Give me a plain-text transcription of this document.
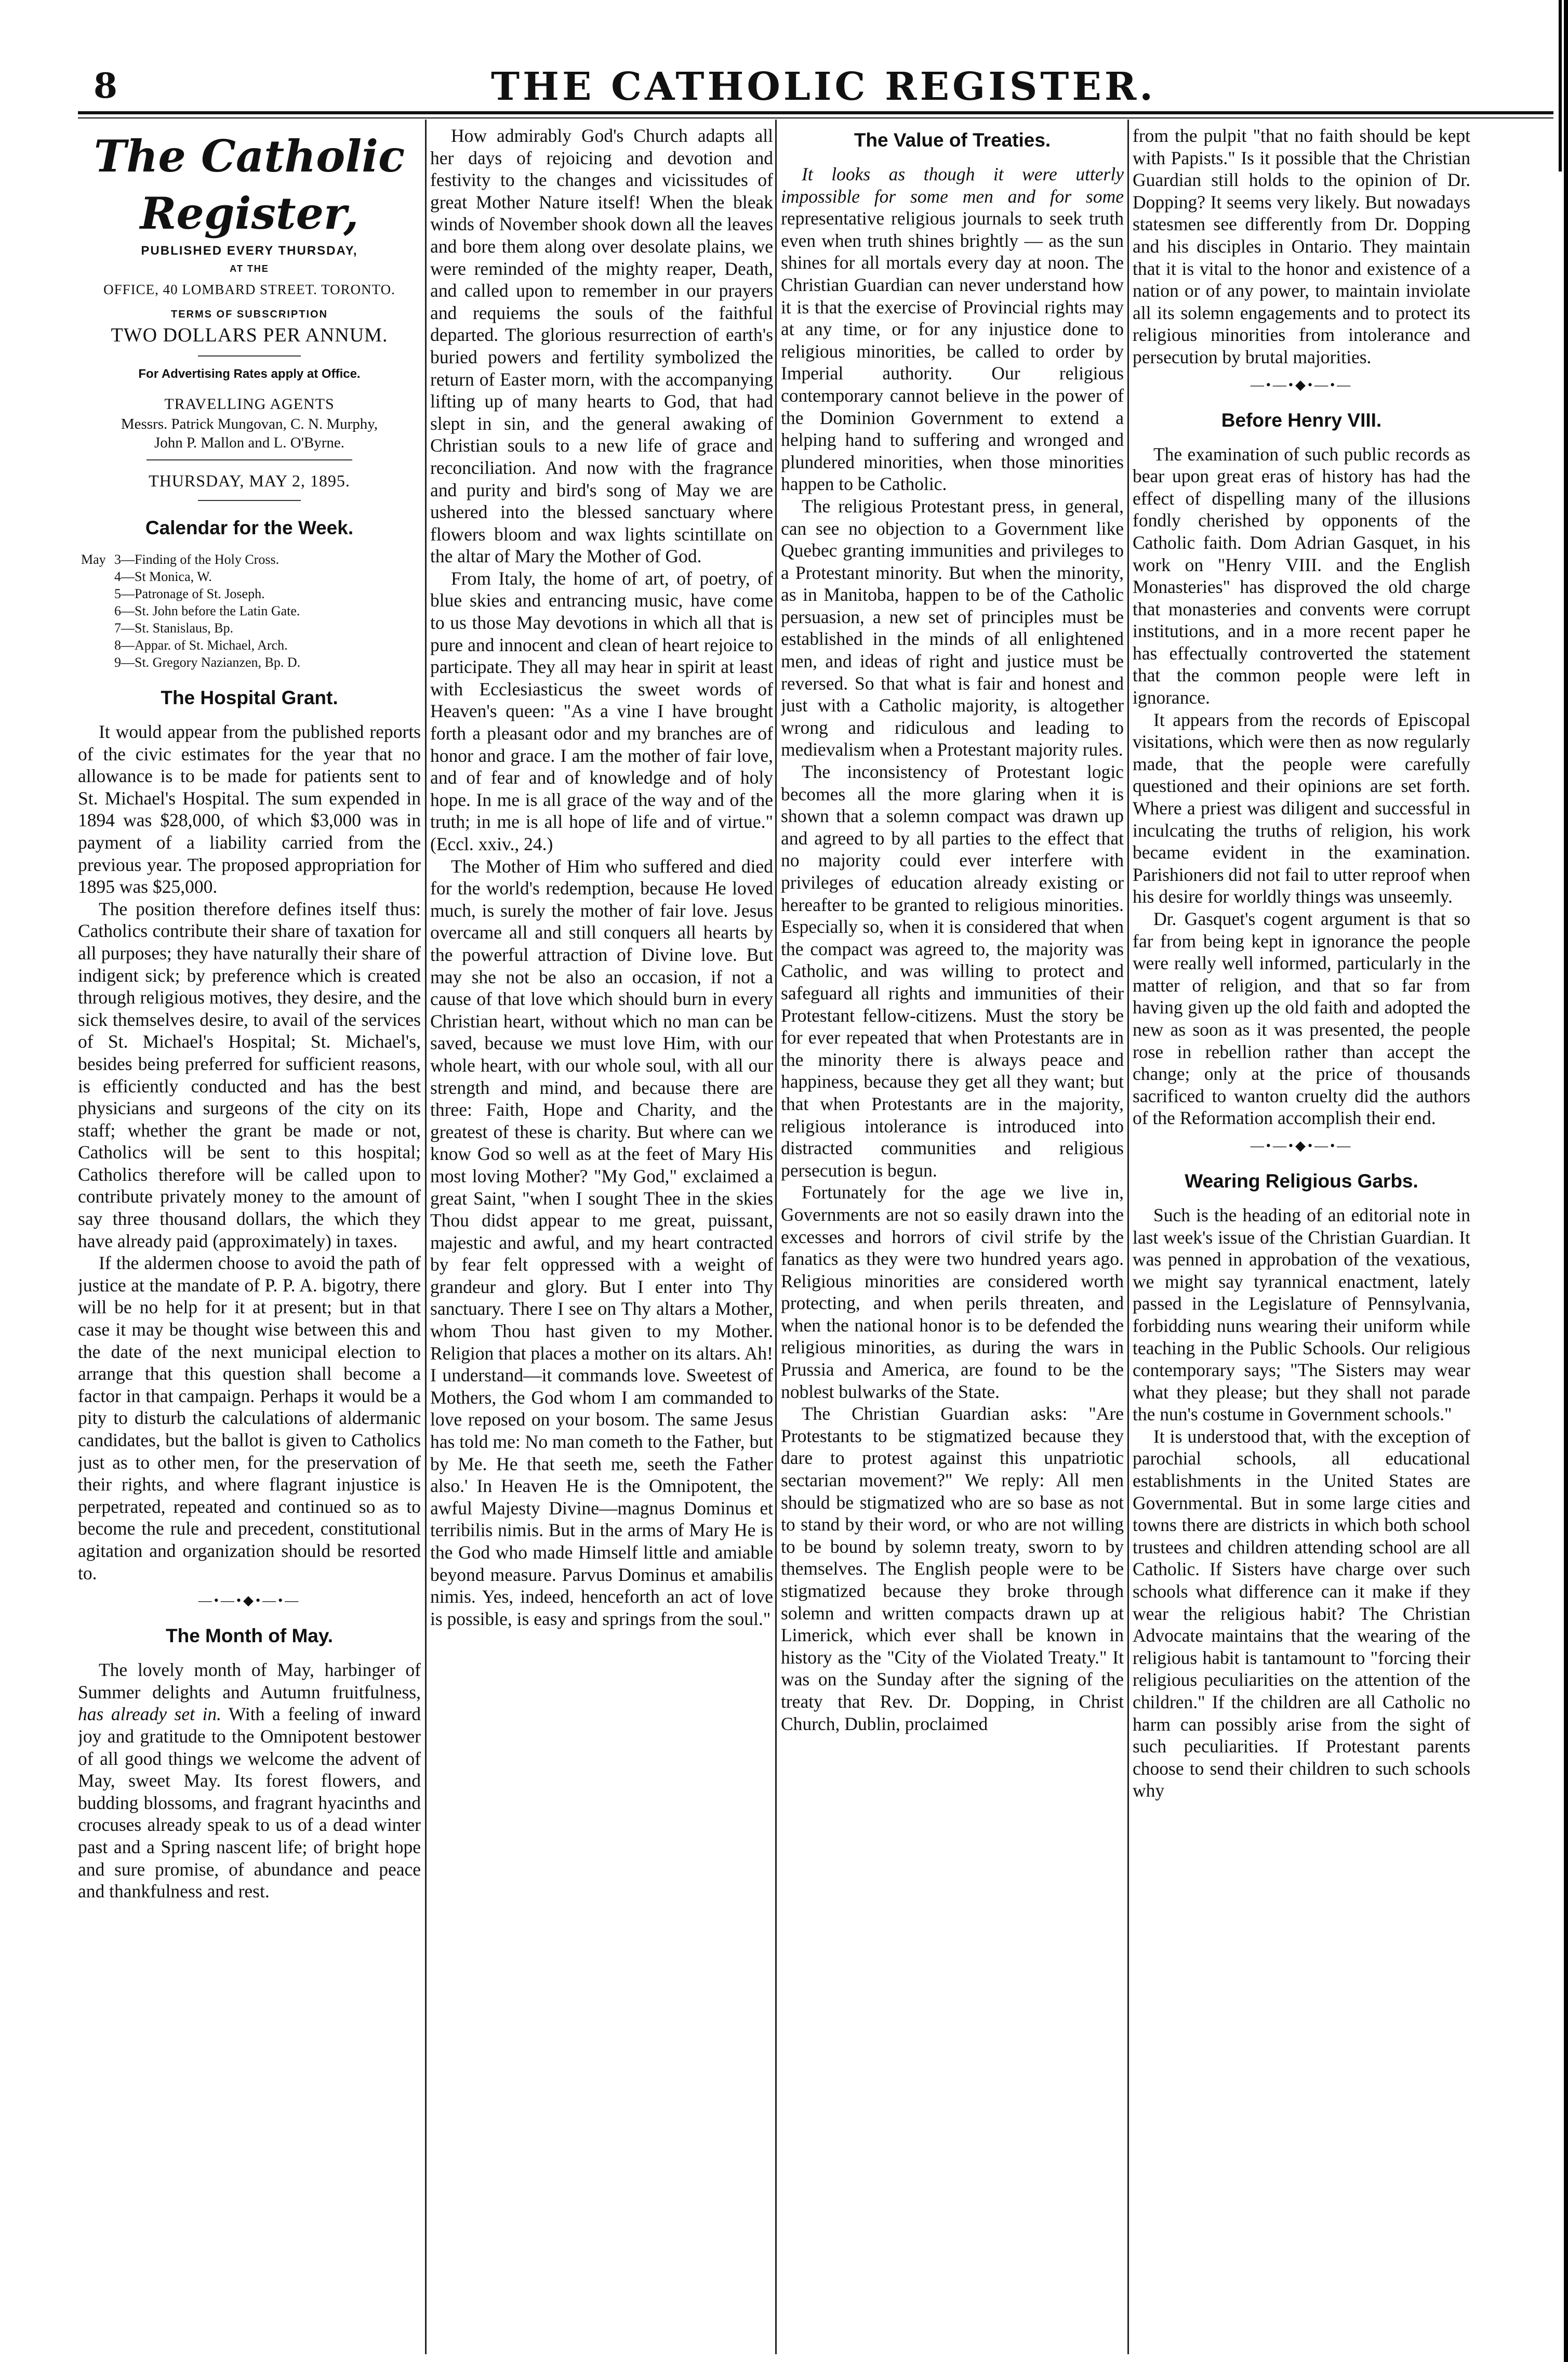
8	THE CATHOLIC REGISTER.
The Catholic Register,
PUBLISHED EVERY THURSDAY,
AT THE
OFFICE, 40 LOMBARD STREET. TORONTO.
TERMS OF SUBSCRIPTION
TWO DOLLARS PER ANNUM.
For Advertising Rates apply at Office.
TRAVELLING AGENTS
Messrs. Patrick Mungovan, C. N. Murphy,
John P. Mallon and L. O'Byrne.
THURSDAY, MAY 2, 1895.
Calendar for the Week.
May 3—Finding of the Holy Cross.
4—St Monica, W.
5—Patronage of St. Joseph.
6—St. John before the Latin Gate.
7—St. Stanislaus, Bp.
8—Appar. of St. Michael, Arch.
9—St. Gregory Nazianzen, Bp. D.
The Hospital Grant.

It would appear from the published reports of the civic estimates for the year that no allowance is to be made for patients sent to St. Michael's Hospital. The sum expended in 1894 was $28,000, of which $3,000 was in payment of a liability carried from the previous year. The proposed appropriation for 1895 was $25,000.

The position therefore defines itself thus: Catholics contribute their share of taxation for all purposes; they have naturally their share of indigent sick; by preference which is created through religious motives, they desire, and the sick themselves desire, to avail of the services of St. Michael's Hospital; St. Michael's, besides being preferred for sufficient reasons, is efficiently conducted and has the best physicians and surgeons of the city on its staff; whether the grant be made or not, Catholics will be sent to this hospital; Catholics therefore will be called upon to contribute privately money to the amount of say three thousand dollars, the which they have already paid (approximately) in taxes.

If the aldermen choose to avoid the path of justice at the mandate of P. P. A. bigotry, there will be no help for it at present; but in that case it may be thought wise between this and the date of the next municipal election to arrange that this question shall become a factor in that campaign. Perhaps it would be a pity to disturb the calculations of aldermanic candidates, but the ballot is given to Catholics just as to other men, for the preservation of their rights, and where flagrant injustice is perpetrated, repeated and continued so as to become the rule and precedent, constitutional agitation and organization should be resorted to.

—•—•◆•—•—
The Month of May.

The lovely month of May, harbinger of Summer delights and Autumn fruitfulness, has already set in. With a feeling of inward joy and gratitude to the Omnipotent bestower of all good things we welcome the advent of May, sweet May. Its forest flowers, and budding blossoms, and fragrant hyacinths and crocuses already speak to us of a dead winter past and a Spring nascent life; of bright hope and sure promise, of abundance and peace and thankfulness and rest.

How admirably God's Church adapts all her days of rejoicing and devotion and festivity to the changes and vicissitudes of great Mother Nature itself! When the bleak winds of November shook down all the leaves and bore them along over desolate plains, we were reminded of the mighty reaper, Death, and called upon to remember in our prayers and requiems the souls of the faithful departed. The glorious resurrection of earth's buried powers and fertility symbolized the return of Easter morn, with the accompanying lifting up of many hearts to God, that had slept in sin, and the general awaking of Christian souls to a new life of grace and reconciliation. And now with the fragrance and purity and bird's song of May we are ushered into the blessed sanctuary where flowers bloom and wax lights scintillate on the altar of Mary the Mother of God.

From Italy, the home of art, of poetry, of blue skies and entrancing music, have come to us those May devotions in which all that is pure and innocent and clean of heart rejoice to participate. They all may hear in spirit at least with Ecclesiasticus the sweet words of Heaven's queen: "As a vine I have brought forth a pleasant odor and my branches are of honor and grace. I am the mother of fair love, and of fear and of knowledge and of holy hope. In me is all grace of the way and of the truth; in me is all hope of life and of virtue." (Eccl. xxiv., 24.)

The Mother of Him who suffered and died for the world's redemption, because He loved much, is surely the mother of fair love. Jesus overcame all and still conquers all hearts by the powerful attraction of Divine love. But may she not be also an occasion, if not a cause of that love which should burn in every Christian heart, without which no man can be saved, because we must love Him, with our whole heart, with our whole soul, with all our strength and mind, and because there are three: Faith, Hope and Charity, and the greatest of these is charity. But where can we know God so well as at the feet of Mary His most loving Mother? "My God," exclaimed a great Saint, "when I sought Thee in the skies Thou didst appear to me great, puissant, majestic and awful, and my heart contracted by fear felt oppressed with a weight of grandeur and glory. But I enter into Thy sanctuary. There I see on Thy altars a Mother, whom Thou hast given to my Mother. Religion that places a mother on its altars. Ah! I understand—it commands love. Sweetest of Mothers, the God whom I am commanded to love reposed on your bosom. The same Jesus has told me: No man cometh to the Father, but by Me. He that seeth me, seeth the Father also.' In Heaven He is the Omnipotent, the awful Majesty Divine—magnus Dominus et terribilis nimis. But in the arms of Mary He is the God who made Himself little and amiable beyond measure. Parvus Dominus et amabilis nimis. Yes, indeed, henceforth an act of love is possible, is easy and springs from the soul."

The Value of Treaties.

It looks as though it were utterly impossible for some men and for some representative religious journals to seek truth even when truth shines brightly — as the sun shines for all mortals every day at noon. The Christian Guardian can never understand how it is that the exercise of Provincial rights may at any time, or for any injustice done to religious minorities, be called to order by Imperial authority. Our religious contemporary cannot believe in the power of the Dominion Government to extend a helping hand to suffering and wronged and plundered minorities, when those minorities happen to be Catholic.

The religious Protestant press, in general, can see no objection to a Government like Quebec granting immunities and privileges to a Protestant minority. But when the minority, as in Manitoba, happen to be of the Catholic persuasion, a new set of principles must be established in the minds of all enlightened men, and ideas of right and justice must be reversed. So that what is fair and honest and just with a Catholic majority, is altogether wrong and ridiculous and leading to medievalism when a Protestant majority rules.

The inconsistency of Protestant logic becomes all the more glaring when it is shown that a solemn compact was drawn up and agreed to by all parties to the effect that no majority could ever interfere with privileges of education already existing or hereafter to be granted to religious minorities. Especially so, when it is considered that when the compact was agreed to, the majority was Catholic, and was willing to protect and safeguard all rights and immunities of their Protestant fellow-citizens. Must the story be for ever repeated that when Protestants are in the minority there is always peace and happiness, because they get all they want; but that when Protestants are in the majority, religious intolerance is introduced into distracted communities and religious persecution is begun.

Fortunately for the age we live in, Governments are not so easily drawn into the excesses and horrors of civil strife by the fanatics as they were two hundred years ago. Religious minorities are considered worth protecting, and when perils threaten, and when the national honor is to be defended the religious minorities, as during the wars in Prussia and America, are found to be the noblest bulwarks of the State.

The Christian Guardian asks: "Are Protestants to be stigmatized because they dare to protest against this unpatriotic sectarian movement?" We reply: All men should be stigmatized who are so base as not to stand by their word, or who are not willing to be bound by solemn treaty, sworn to by themselves. The English people were to be stigmatized because they broke through solemn and written compacts drawn up at Limerick, which ever shall be known in history as the "City of the Violated Treaty." It was on the Sunday after the signing of the treaty that Rev. Dr. Dopping, in Christ Church, Dublin, proclaimed

from the pulpit "that no faith should be kept with Papists." Is it possible that the Christian Guardian still holds to the opinion of Dr. Dopping? It seems very likely. But nowadays statesmen see differently from Dr. Dopping and his disciples in Ontario. They maintain that it is vital to the honor and existence of a nation or of any power, to maintain inviolate all its solemn engagements and to protect its religious minorities from intolerance and persecution by brutal majorities.

—•—•◆•—•—
Before Henry VIII.

The examination of such public records as bear upon great eras of history has had the effect of dispelling many of the illusions fondly cherished by opponents of the Catholic faith. Dom Adrian Gasquet, in his work on "Henry VIII. and the English Monasteries" has disproved the old charge that monasteries and convents were corrupt institutions, and in a more recent paper he has effectually controverted the statement that the common people were left in ignorance.

It appears from the records of Episcopal visitations, which were then as now regularly made, that the people were carefully questioned and their opinions are set forth. Where a priest was diligent and successful in inculcating the truths of religion, his work became evident in the examination. Parishioners did not fail to utter reproof when his desire for worldly things was unseemly.

Dr. Gasquet's cogent argument is that so far from being kept in ignorance the people were really well informed, particularly in the matter of religion, and that so far from having given up the old faith and adopted the new as soon as it was presented, the people rose in rebellion rather than accept the change; only at the price of thousands sacrificed to wanton cruelty did the authors of the Reformation accomplish their end.

—•—•◆•—•—
Wearing Religious Garbs.

Such is the heading of an editorial note in last week's issue of the Christian Guardian. It was penned in approbation of the vexatious, we might say tyrannical enactment, lately passed in the Legislature of Pennsylvania, forbidding nuns wearing their uniform while teaching in the Public Schools. Our religious contemporary says; "The Sisters may wear what they please; but they shall not parade the nun's costume in Government schools."

It is understood that, with the exception of parochial schools, all educational establishments in the United States are Governmental. But in some large cities and towns there are districts in which both school trustees and children attending school are all Catholic. If Sisters have charge over such schools what difference can it make if they wear the religious habit? The Christian Advocate maintains that the wearing of the religious habit is tantamount to "forcing their religious peculiarities on the attention of the children." If the children are all Catholic no harm can possibly arise from the sight of such peculiarities. If Protestant parents choose to send their children to such schools why
